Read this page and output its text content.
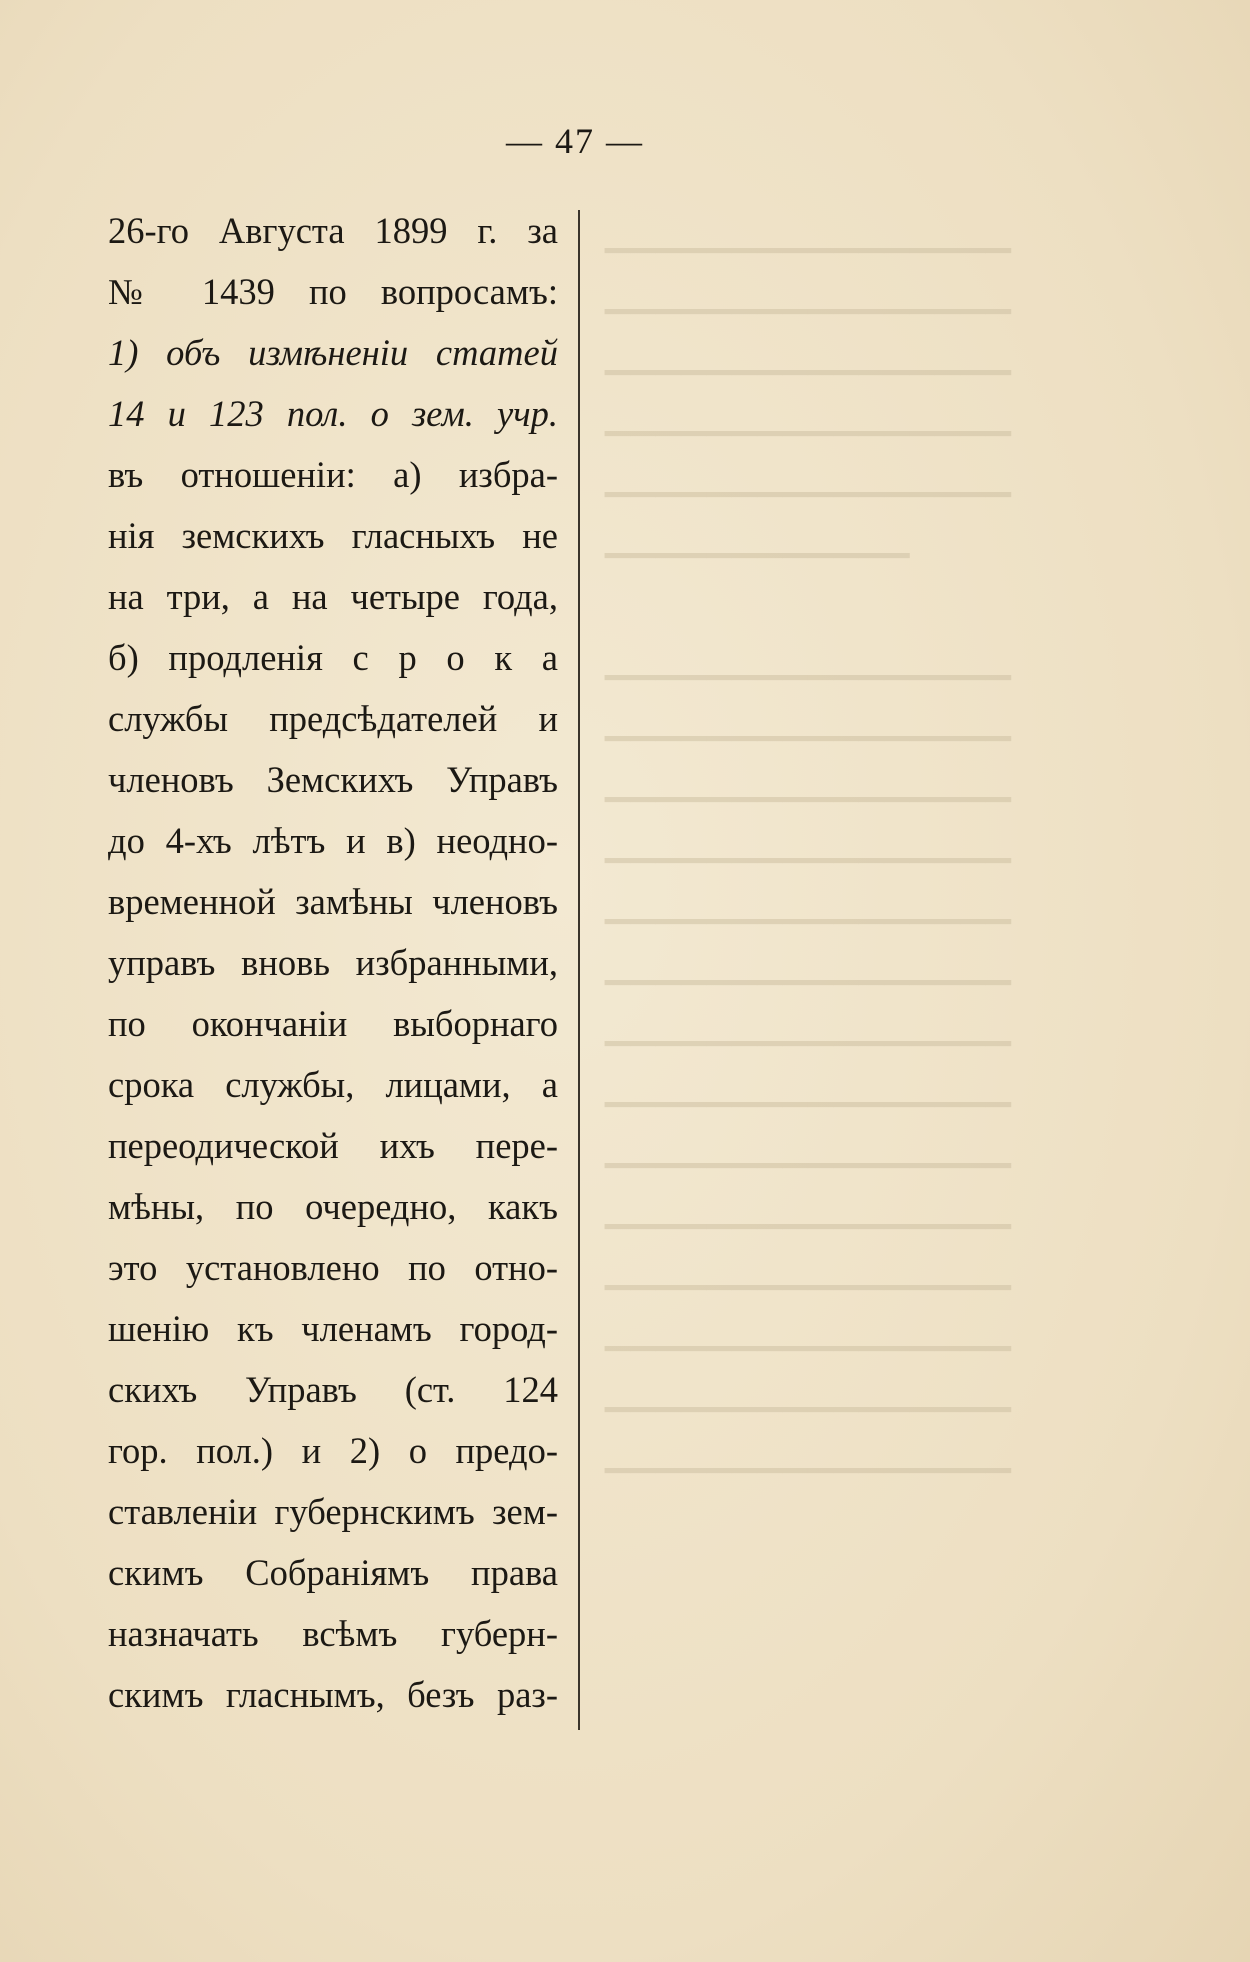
— 47 —
26-го Августа 1899 г. за
№ 1439 по вопросамъ:
1) объ измѣненіи статей
14 и 123 пол. о зем. учр.
въ отношеніи: а) избра-
нія земскихъ гласныхъ не
на три, а на четыре года,
б) продленія с р о к а
службы предсѣдателей и
членовъ Земскихъ Управъ
до 4-хъ лѣтъ и в) неодно-
временной замѣны членовъ
управъ вновь избранными,
по окончаніи выборнаго
срока службы, лицами, а
переодической ихъ пере-
мѣны, по очередно, какъ
это установлено по отно-
шенію къ членамъ город-
скихъ Управъ (ст. 124
гор. пол.) и 2) о предо-
ставленіи губернскимъ зем-
скимъ Собраніямъ права
назначать всѣмъ губерн-
скимъ гласнымъ, безъ раз-
▁▁▁▁▁▁▁▁▁▁▁▁▁▁▁▁
▁▁▁▁▁▁▁▁▁▁▁▁▁▁▁▁
▁▁▁▁▁▁▁▁▁▁▁▁▁▁▁▁
▁▁▁▁▁▁▁▁▁▁▁▁▁▁▁▁
▁▁▁▁▁▁▁▁▁▁▁▁▁▁▁▁
▁▁▁▁▁▁▁▁▁▁▁▁
▁▁▁▁▁▁▁▁▁▁▁▁▁▁▁▁
▁▁▁▁▁▁▁▁▁▁▁▁▁▁▁▁
▁▁▁▁▁▁▁▁▁▁▁▁▁▁▁▁
▁▁▁▁▁▁▁▁▁▁▁▁▁▁▁▁
▁▁▁▁▁▁▁▁▁▁▁▁▁▁▁▁
▁▁▁▁▁▁▁▁▁▁▁▁▁▁▁▁
▁▁▁▁▁▁▁▁▁▁▁▁▁▁▁▁
▁▁▁▁▁▁▁▁▁▁▁▁▁▁▁▁
▁▁▁▁▁▁▁▁▁▁▁▁▁▁▁▁
▁▁▁▁▁▁▁▁▁▁▁▁▁▁▁▁
▁▁▁▁▁▁▁▁▁▁▁▁▁▁▁▁
▁▁▁▁▁▁▁▁▁▁▁▁▁▁▁▁
▁▁▁▁▁▁▁▁▁▁▁▁▁▁▁▁
▁▁▁▁▁▁▁▁▁▁▁▁▁▁▁▁
